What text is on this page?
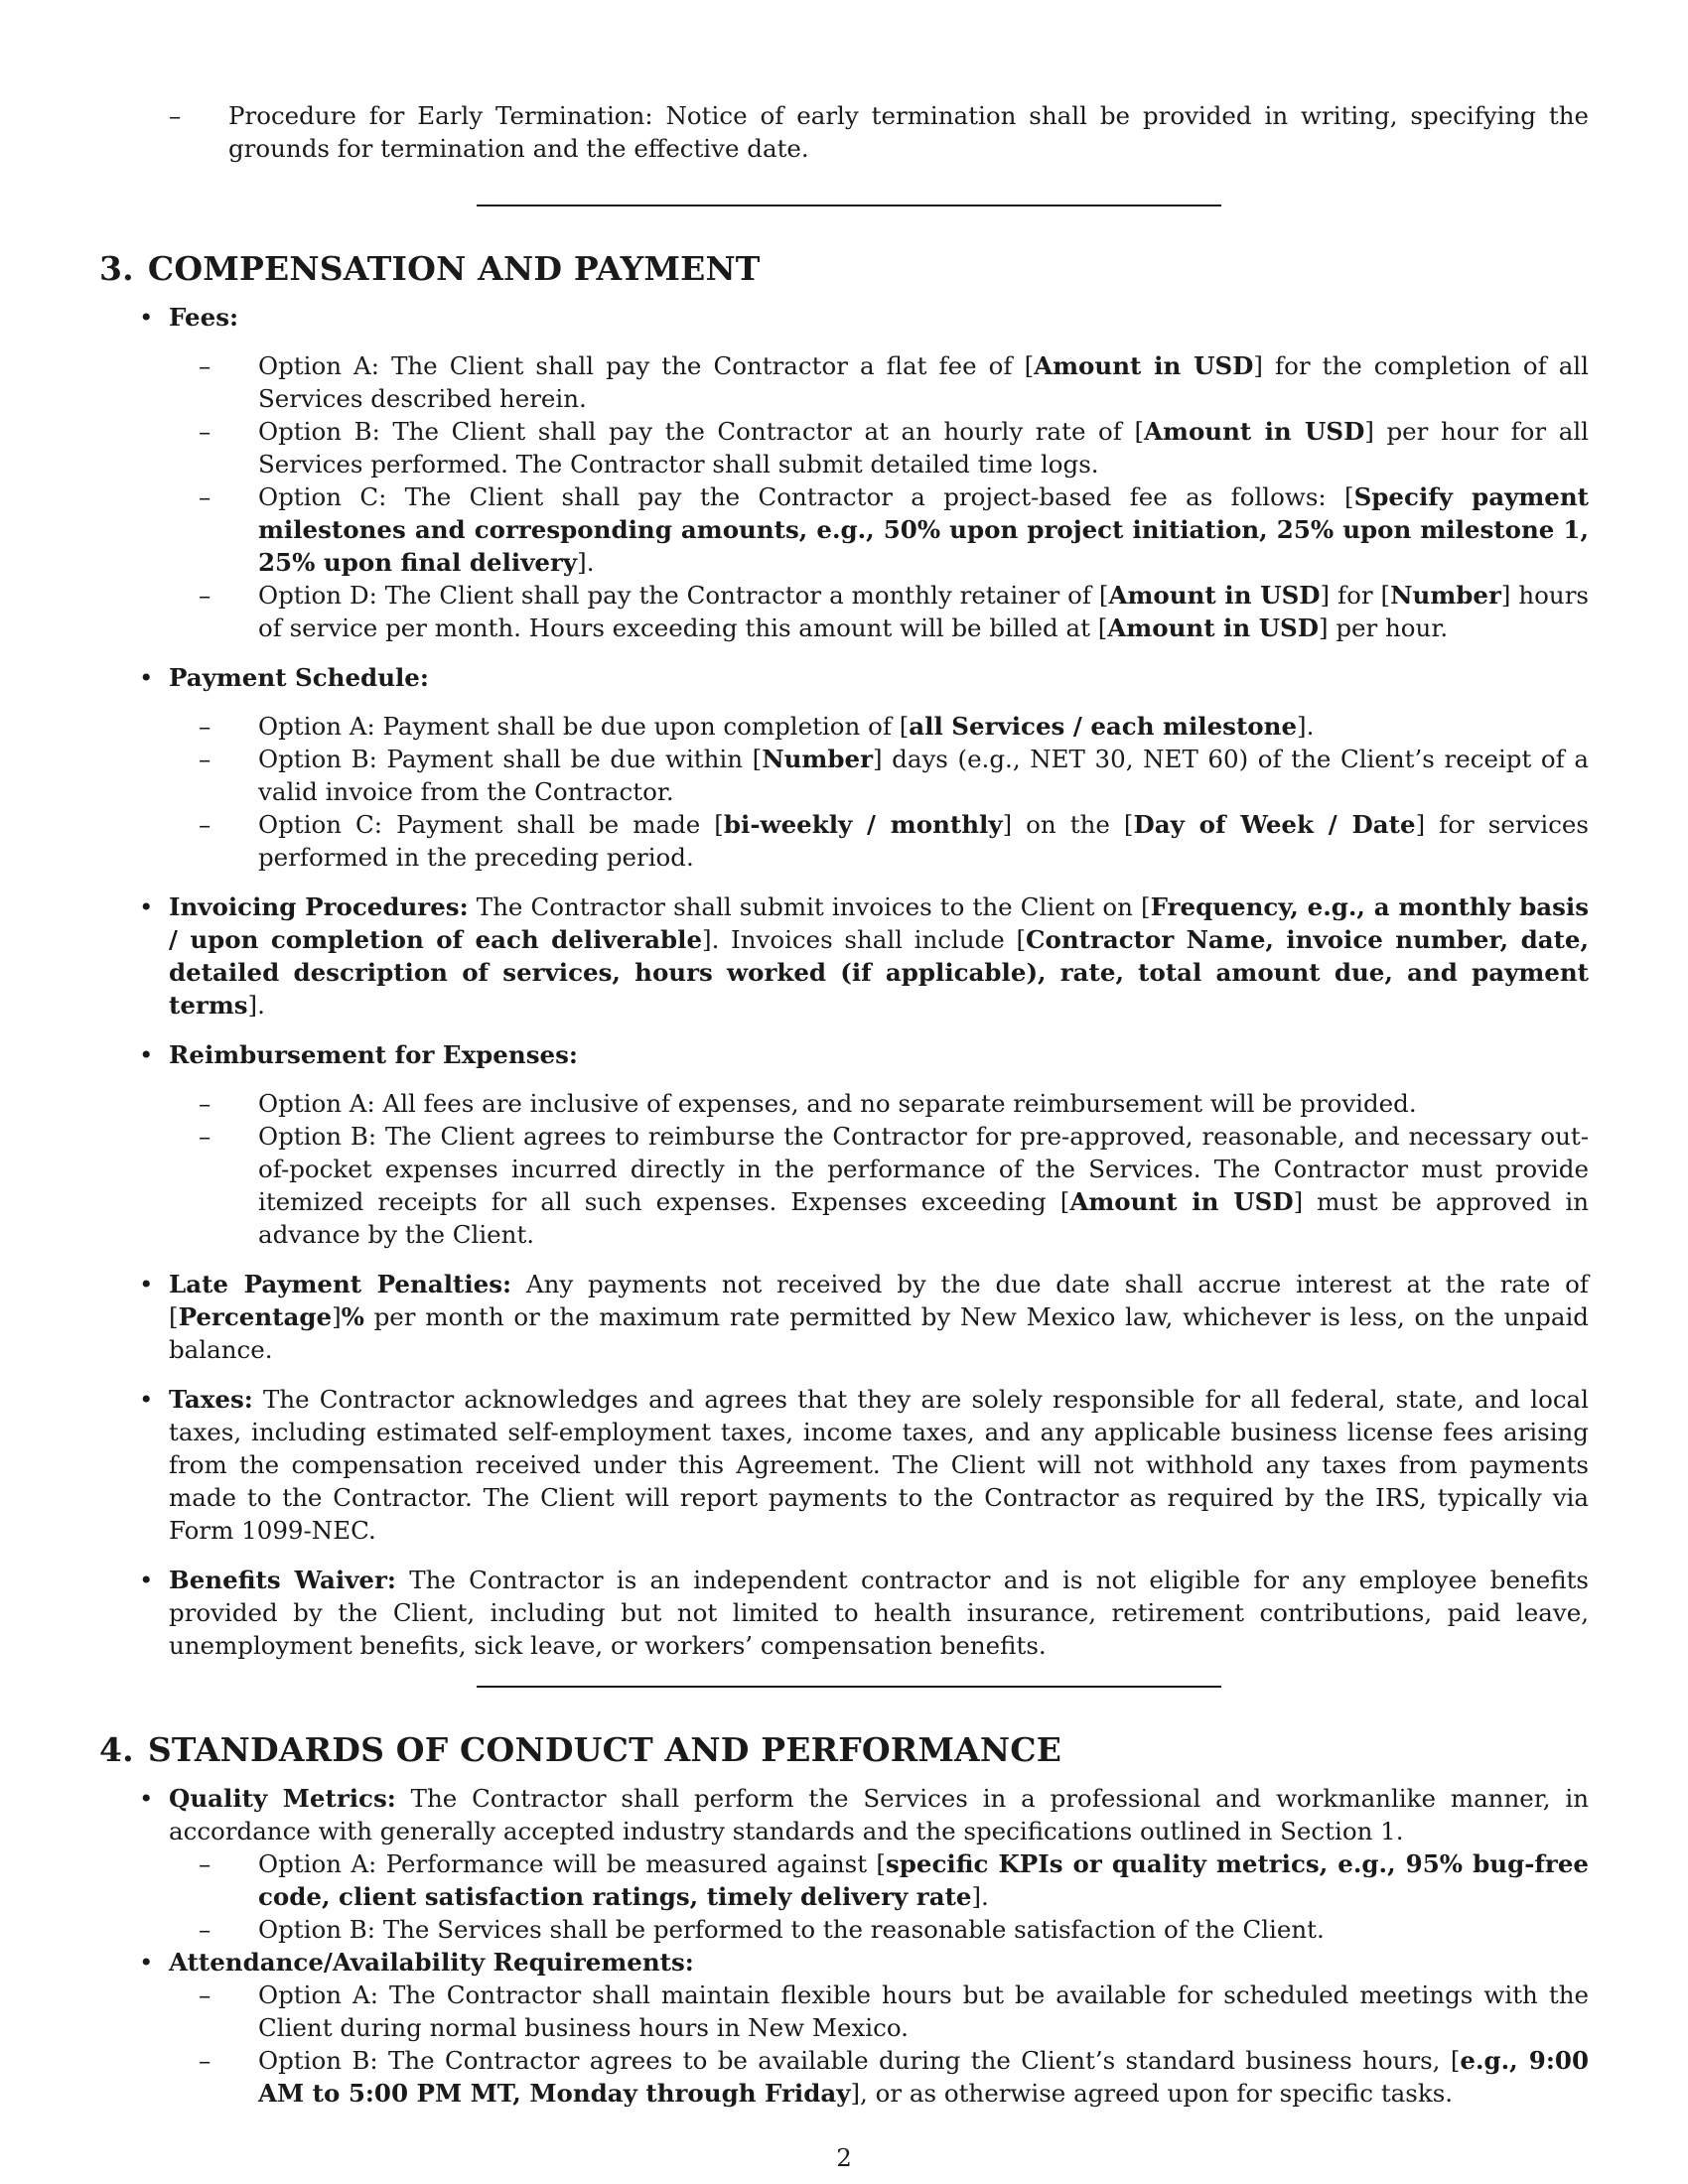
– Procedure for Early Termination: Notice of early termination shall be provided in writing, specifying the grounds for termination and the effective date.
3. COMPENSATION AND PAYMENT
• Fees:
– Option A: The Client shall pay the Contractor a flat fee of [Amount in USD] for the completion of all Services described herein.
– Option B: The Client shall pay the Contractor at an hourly rate of [Amount in USD] per hour for all Services performed. The Contractor shall submit detailed time logs.
– Option C: The Client shall pay the Contractor a project-based fee as follows: [Specify payment milestones and corresponding amounts, e.g., 50% upon project initiation, 25% upon milestone 1, 25% upon final delivery].
– Option D: The Client shall pay the Contractor a monthly retainer of [Amount in USD] for [Number] hours of service per month. Hours exceeding this amount will be billed at [Amount in USD] per hour.
• Payment Schedule:
– Option A: Payment shall be due upon completion of [all Services / each milestone].
– Option B: Payment shall be due within [Number] days (e.g., NET 30, NET 60) of the Client’s receipt of a valid invoice from the Contractor.
– Option C: Payment shall be made [bi-weekly / monthly] on the [Day of Week / Date] for services performed in the preceding period.
• Invoicing Procedures: The Contractor shall submit invoices to the Client on [Frequency, e.g., a monthly basis / upon completion of each deliverable]. Invoices shall include [Contractor Name, invoice number, date, detailed description of services, hours worked (if applicable), rate, total amount due, and payment terms].
• Reimbursement for Expenses:
– Option A: All fees are inclusive of expenses, and no separate reimbursement will be provided.
– Option B: The Client agrees to reimburse the Contractor for pre-approved, reasonable, and necessary out-of-pocket expenses incurred directly in the performance of the Services. The Contractor must provide itemized receipts for all such expenses. Expenses exceeding [Amount in USD] must be approved in advance by the Client.
• Late Payment Penalties: Any payments not received by the due date shall accrue interest at the rate of [Percentage]% per month or the maximum rate permitted by New Mexico law, whichever is less, on the unpaid balance.
• Taxes: The Contractor acknowledges and agrees that they are solely responsible for all federal, state, and local taxes, including estimated self-employment taxes, income taxes, and any applicable business license fees arising from the compensation received under this Agreement. The Client will not withhold any taxes from payments made to the Contractor. The Client will report payments to the Contractor as required by the IRS, typically via Form 1099-NEC.
• Benefits Waiver: The Contractor is an independent contractor and is not eligible for any employee benefits provided by the Client, including but not limited to health insurance, retirement contributions, paid leave, unemployment benefits, sick leave, or workers’ compensation benefits.
4. STANDARDS OF CONDUCT AND PERFORMANCE
• Quality Metrics: The Contractor shall perform the Services in a professional and workmanlike manner, in accordance with generally accepted industry standards and the specifications outlined in Section 1.
– Option A: Performance will be measured against [specific KPIs or quality metrics, e.g., 95% bug-free code, client satisfaction ratings, timely delivery rate].
– Option B: The Services shall be performed to the reasonable satisfaction of the Client.
• Attendance/Availability Requirements:
– Option A: The Contractor shall maintain flexible hours but be available for scheduled meetings with the Client during normal business hours in New Mexico.
– Option B: The Contractor agrees to be available during the Client’s standard business hours, [e.g., 9:00 AM to 5:00 PM MT, Monday through Friday], or as otherwise agreed upon for specific tasks.
2
